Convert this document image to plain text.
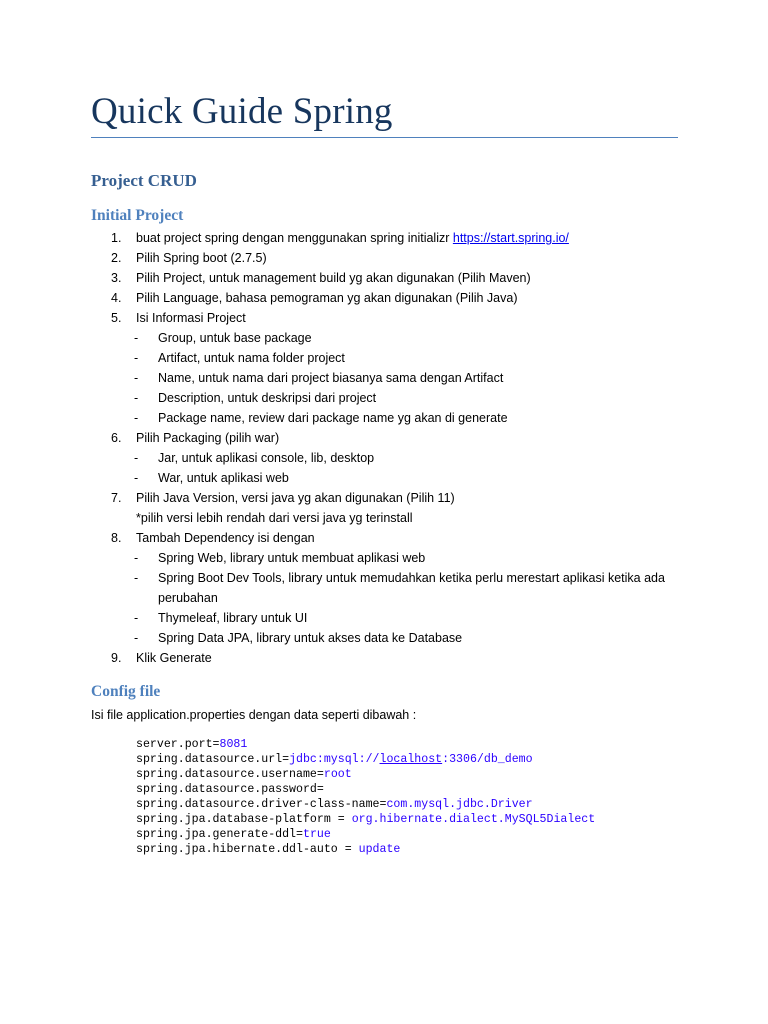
Quick Guide Spring
Project CRUD
Initial Project
1. buat project spring dengan menggunakan spring initializr https://start.spring.io/
2. Pilih Spring boot (2.7.5)
3. Pilih Project, untuk management build yg akan digunakan (Pilih Maven)
4. Pilih Language, bahasa pemograman yg akan digunakan (Pilih Java)
5. Isi Informasi Project
- Group, untuk base package
- Artifact, untuk nama folder project
- Name, untuk nama dari project biasanya sama dengan Artifact
- Description, untuk deskripsi dari project
- Package name, review dari package name yg akan di generate
6. Pilih Packaging (pilih war)
- Jar, untuk aplikasi console, lib, desktop
- War, untuk aplikasi web
7. Pilih Java Version, versi java yg akan digunakan (Pilih 11)
*pilih versi lebih rendah dari versi java yg terinstall
8. Tambah Dependency isi dengan
- Spring Web, library untuk membuat aplikasi web
- Spring Boot Dev Tools, library untuk memudahkan ketika perlu merestart aplikasi ketika ada
perubahan
- Thymeleaf, library untuk UI
- Spring Data JPA, library untuk akses data ke Database
9. Klik Generate
Config file
Isi file application.properties dengan data seperti dibawah :
server.port=8081
spring.datasource.url=jdbc:mysql://localhost:3306/db_demo
spring.datasource.username=root
spring.datasource.password=
spring.datasource.driver-class-name=com.mysql.jdbc.Driver
spring.jpa.database-platform = org.hibernate.dialect.MySQL5Dialect
spring.jpa.generate-ddl=true
spring.jpa.hibernate.ddl-auto = update
